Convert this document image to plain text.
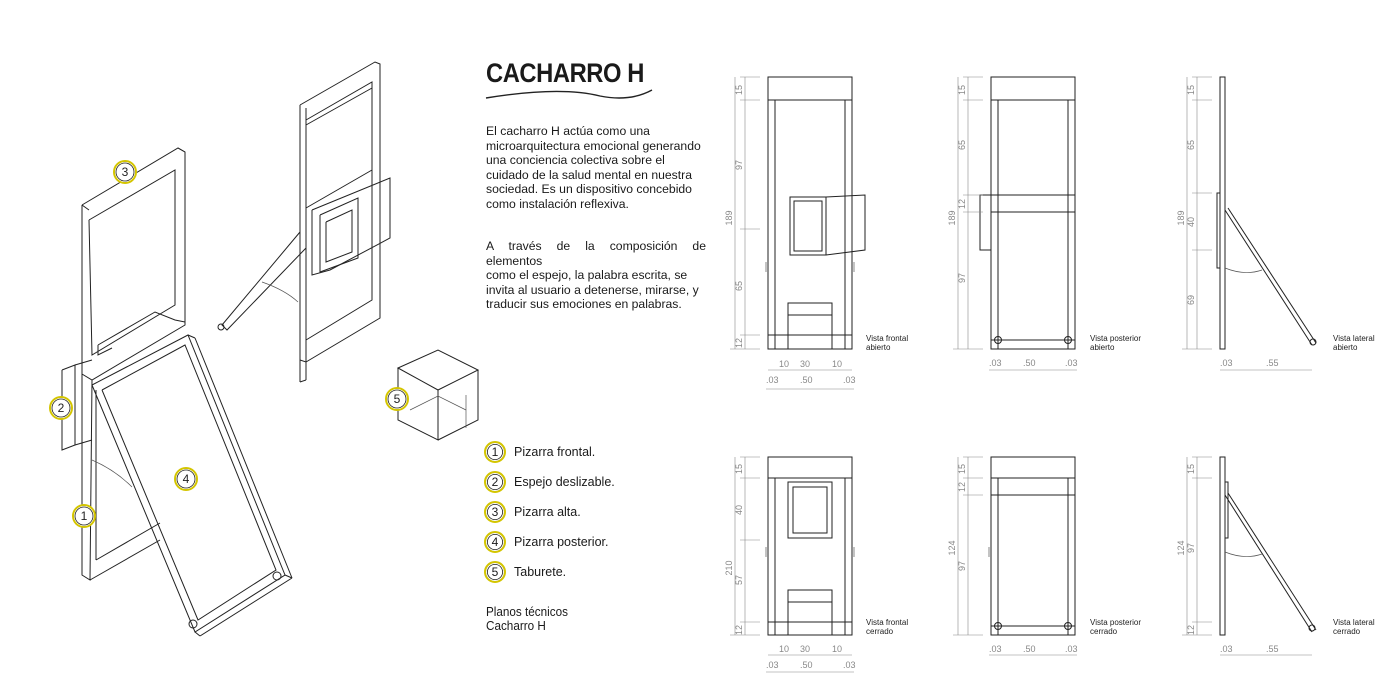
1
2
3
4
5
15
97
189
65
12
10 30 10
.03 .50	.03
Vista frontal
abierto
15
65
12
189
97
.03 .50	.03
Vista posterior
abierto
15
65
189 40
69
.03	.55
Vista lateral
abierto
15
40
210
57
12
10 30 10
.03 .50	.03
Vista frontal
cerrado
15
12
124
97
.03 .50	.03
Vista posterior
cerrado
15
124 97
12
.03	.55
Vista lateral
cerrado
CACHARRO H
El cacharro H actúa como una
microarquitectura emocional generando
una conciencia colectiva sobre el
cuidado de la salud mental en nuestra
sociedad. Es un dispositivo concebido
como instalación reflexiva.
A través de la composición de elementos
como el espejo, la palabra escrita, se
invita al usuario a detenerse, mirarse, y
traducir sus emociones en palabras.
1	Pizarra frontal.
2	Espejo deslizable.
3	Pizarra alta.
4	Pizarra posterior.
5	Taburete.
Planos técnicos
Cacharro H
